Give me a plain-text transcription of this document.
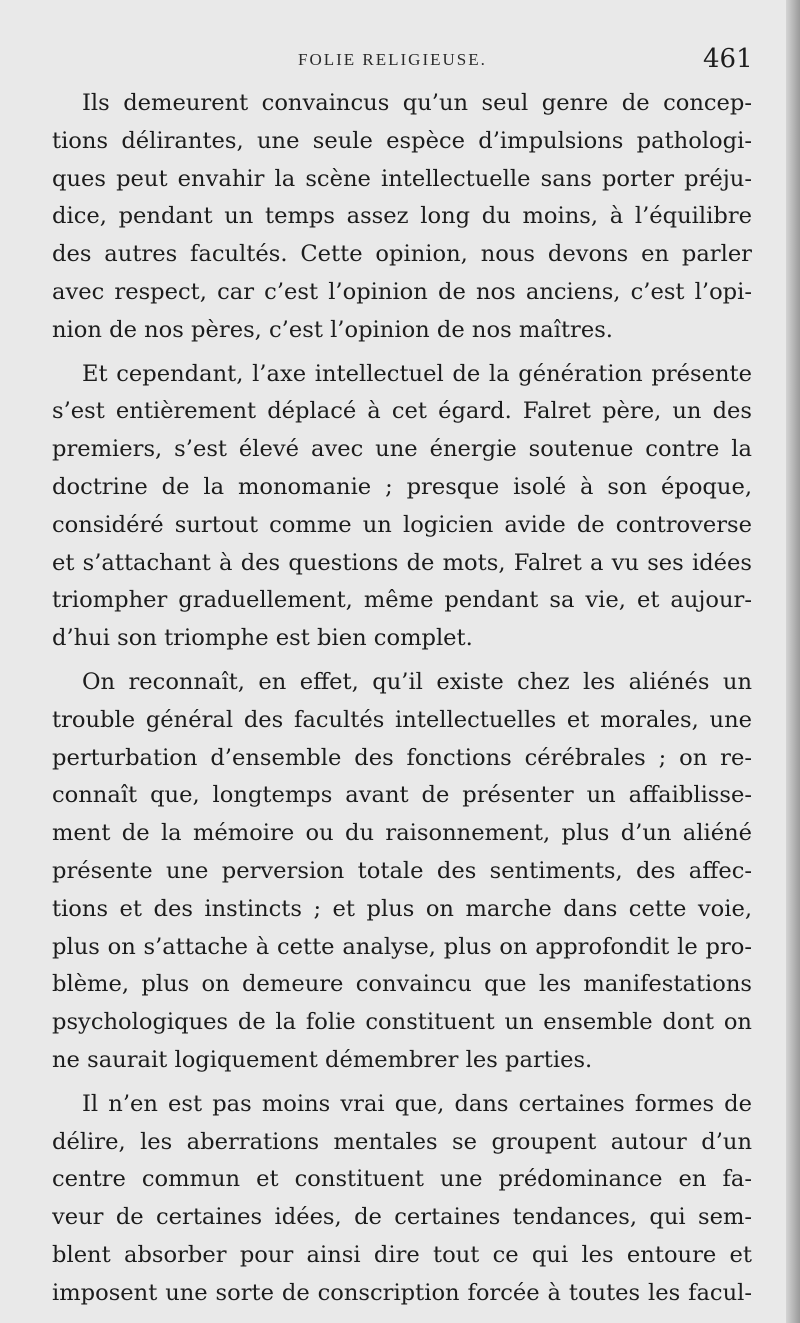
FOLIE RELIGIEUSE.	461
Ils demeurent convaincus qu’un seul genre de concep-
tions délirantes, une seule espèce d’impulsions pathologi-
ques peut envahir la scène intellectuelle sans porter préju-
dice, pendant un temps assez long du moins, à l’équilibre
des autres facultés. Cette opinion, nous devons en parler
avec respect, car c’est l’opinion de nos anciens, c’est l’opi-
nion de nos pères, c’est l’opinion de nos maîtres.
Et cependant, l’axe intellectuel de la génération présente
s’est entièrement déplacé à cet égard. Falret père, un des
premiers, s’est élevé avec une énergie soutenue contre la
doctrine de la monomanie ; presque isolé à son époque,
considéré surtout comme un logicien avide de controverse
et s’attachant à des questions de mots, Falret a vu ses idées
triompher graduellement, même pendant sa vie, et aujour-
d’hui son triomphe est bien complet.
On reconnaît, en effet, qu’il existe chez les aliénés un
trouble général des facultés intellectuelles et morales, une
perturbation d’ensemble des fonctions cérébrales ; on re-
connaît que, longtemps avant de présenter un affaiblisse-
ment de la mémoire ou du raisonnement, plus d’un aliéné
présente une perversion totale des sentiments, des affec-
tions et des instincts ; et plus on marche dans cette voie,
plus on s’attache à cette analyse, plus on approfondit le pro-
blème, plus on demeure convaincu que les manifestations
psychologiques de la folie constituent un ensemble dont on
ne saurait logiquement démembrer les parties.
Il n’en est pas moins vrai que, dans certaines formes de
délire, les aberrations mentales se groupent autour d’un
centre commun et constituent une prédominance en fa-
veur de certaines idées, de certaines tendances, qui sem-
blent absorber pour ainsi dire tout ce qui les entoure et
imposent une sorte de conscription forcée à toutes les facul-
